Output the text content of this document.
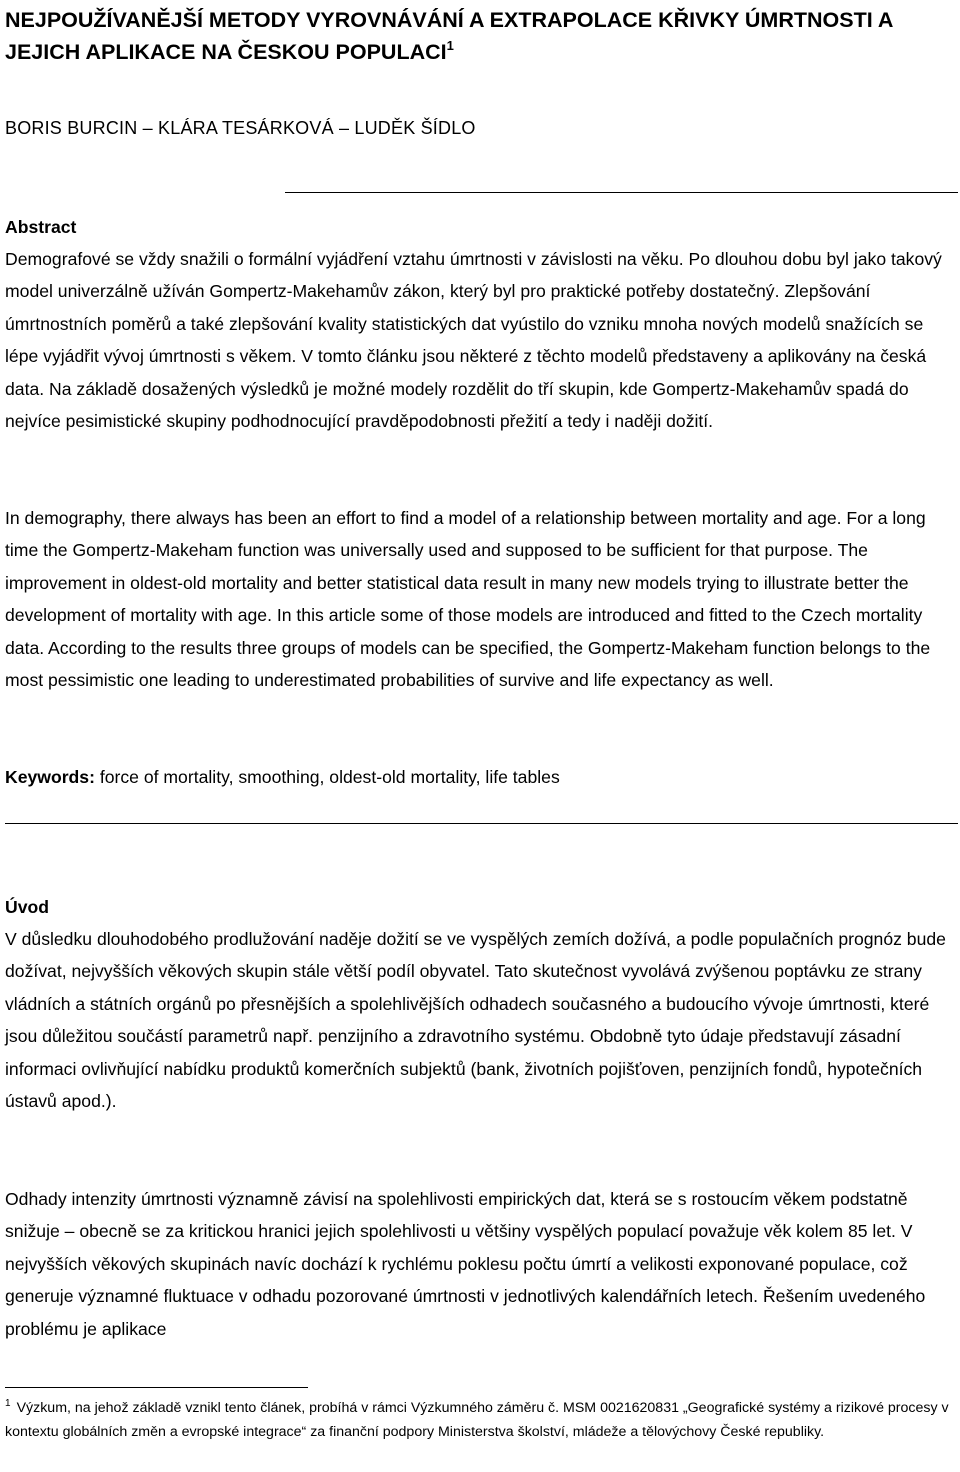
NEJPOUŽÍVANĚJŠÍ METODY VYROVNÁVÁNÍ A EXTRAPOLACE KŘIVKY ÚMRTNOSTI A JEJICH APLIKACE NA ČESKOU POPULACI$^1$
BORIS BURCIN – KLÁRA TESÁRKOVÁ – LUDĚK ŠÍDLO
Abstract
Demografové se vždy snažili o formální vyjádření vztahu úmrtnosti v závislosti na věku. Po dlouhou dobu byl jako takový model univerzálně užíván Gompertz-Makehamův zákon, který byl pro praktické potřeby dostatečný. Zlepšování úmrtnostních poměrů a také zlepšování kvality statistických dat vyústilo do vzniku mnoha nových modelů snažících se lépe vyjádřit vývoj úmrtnosti s věkem. V tomto článku jsou některé z těchto modelů představeny a aplikovány na česká data. Na základě dosažených výsledků je možné modely rozdělit do tří skupin, kde Gompertz-Makehamův spadá do nejvíce pesimistické skupiny podhodnocující pravděpodobnosti přežití a tedy i naději dožití.
In demography, there always has been an effort to find a model of a relationship between mortality and age. For a long time the Gompertz-Makeham function was universally used and supposed to be sufficient for that purpose. The improvement in oldest-old mortality and better statistical data result in many new models trying to illustrate better the development of mortality with age. In this article some of those models are introduced and fitted to the Czech mortality data. According to the results three groups of models can be specified, the Gompertz-Makeham function belongs to the most pessimistic one leading to underestimated probabilities of survive and life expectancy as well.
Keywords: force of mortality, smoothing, oldest-old mortality, life tables
Úvod
V důsledku dlouhodobého prodlužování naděje dožití se ve vyspělých zemích dožívá, a podle populačních prognóz bude dožívat, nejvyšších věkových skupin stále větší podíl obyvatel. Tato skutečnost vyvolává zvýšenou poptávku ze strany vládních a státních orgánů po přesnějších a spolehlivějších odhadech současného a budoucího vývoje úmrtnosti, které jsou důležitou součástí parametrů např. penzijního a zdravotního systému. Obdobně tyto údaje představují zásadní informaci ovlivňující nabídku produktů komerčních subjektů (bank, životních pojišťoven, penzijních fondů, hypotečních ústavů apod.).
Odhady intenzity úmrtnosti významně závisí na spolehlivosti empirických dat, která se s rostoucím věkem podstatně snižuje – obecně se za kritickou hranici jejich spolehlivosti u většiny vyspělých populací považuje věk kolem 85 let. V nejvyšších věkových skupinách navíc dochází k rychlému poklesu počtu úmrtí a velikosti exponované populace, což generuje významné fluktuace v odhadu pozorované úmrtnosti v jednotlivých kalendářních letech. Řešením uvedeného problému je aplikace
$^1$ Výzkum, na jehož základě vznikl tento článek, probíhá v rámci Výzkumného záměru č. MSM 0021620831 „Geografické systémy a rizikové procesy v kontextu globálních změn a evropské integrace“ za finanční podpory Ministerstva školství, mládeže a tělovýchovy České republiky.
